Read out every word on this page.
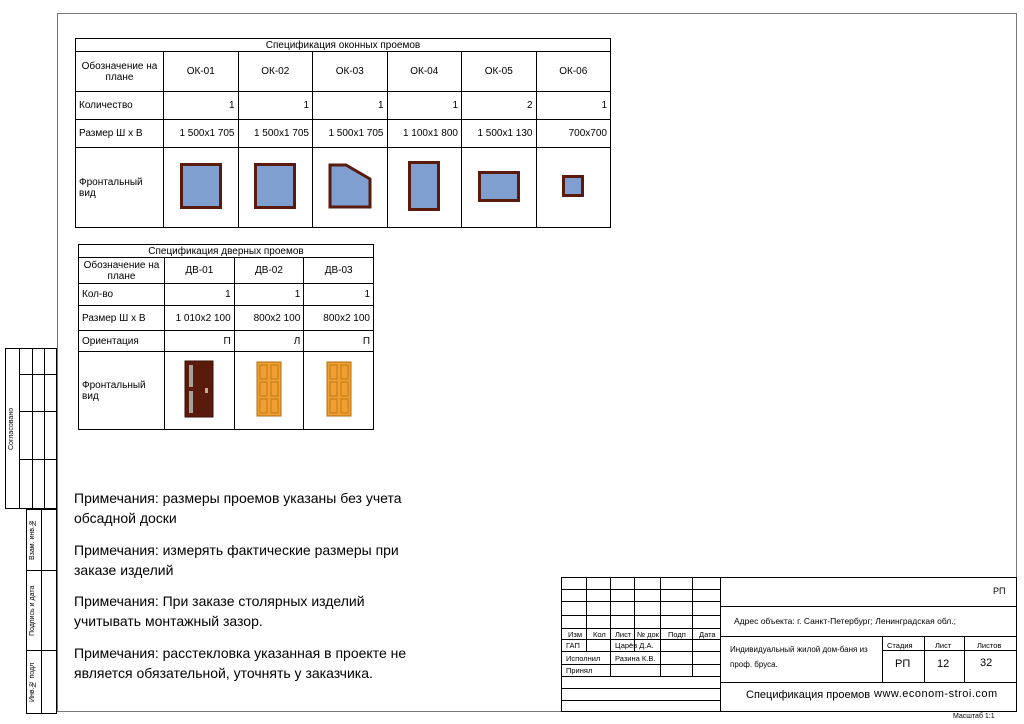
Спецификация оконных проемов						
Обозначение на плане	ОК-01	ОК-02	ОК-03	ОК-04	ОК-05	ОК-06
Количество	1	1	1	1	2	1
Размер Ш х В	1 500х1 705	1 500х1 705	1 500х1 705	1 100х1 800	1 500х1 130	700х700
Фронтальный вид						
Спецификация дверных проемов			
Обозначение на плане	ДВ-01	ДВ-02	ДВ-03
Кол-во	1	1	1
Размер Ш х В	1 010х2 100	800х2 100	800х2 100
Ориентация	П	Л	П
Фронтальный вид			
Примечания: размеры проемов указаны без учета обсадной доски
Примечания: измерять фактические размеры при заказе изделий
Примечания: При заказе столярных изделий учитывать монтажный зазор.
Примечания: расстекловка указанная в проекте не является обязательной, уточнять у заказчика.
Согласовано
Взам. инв.№
Подпись и дата
Инв.№ подл
Изм Кол Лист № док Подп Дата
ГАП	Царёв Д.А.
Исполнил Разина К.В.
Принял
РП
Адрес объекта: г. Санкт-Петербург; Ленинградская обл.;
Индивидуальный жилой дом-баня из проф. бруса.
Стадия	Лист	Листов
РП 12	32
Спецификация проемов www.econom-stroi.com
Масштаб 1:1
